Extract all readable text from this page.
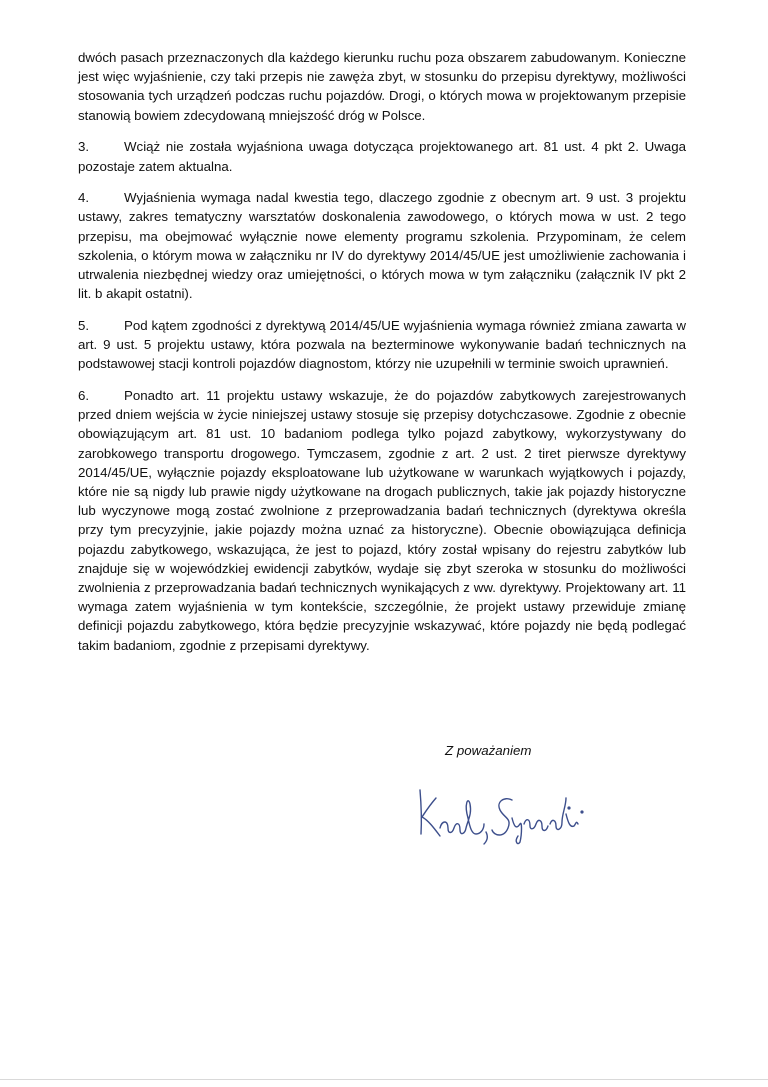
dwóch pasach przeznaczonych dla każdego kierunku ruchu poza obszarem zabudowanym. Konieczne jest więc wyjaśnienie, czy taki przepis nie zawęża zbyt, w stosunku do przepisu dyrektywy, możliwości stosowania tych urządzeń podczas ruchu pojazdów. Drogi, o których mowa w projektowanym przepisie stanowią bowiem zdecydowaną mniejszość dróg w Polsce.

3.	Wciąż nie została wyjaśniona uwaga dotycząca projektowanego art. 81 ust. 4 pkt 2. Uwaga pozostaje zatem aktualna.

4.	Wyjaśnienia wymaga nadal kwestia tego, dlaczego zgodnie z obecnym art. 9 ust. 3 projektu ustawy, zakres tematyczny warsztatów doskonalenia zawodowego, o których mowa w ust. 2 tego przepisu, ma obejmować wyłącznie nowe elementy programu szkolenia. Przypominam, że celem szkolenia, o którym mowa w załączniku nr IV do dyrektywy 2014/45/UE jest umożliwienie zachowania i utrwalenia niezbędnej wiedzy oraz umiejętności, o których mowa w tym załączniku (załącznik IV pkt 2 lit. b akapit ostatni).

5.	Pod kątem zgodności z dyrektywą 2014/45/UE wyjaśnienia wymaga również zmiana zawarta w art. 9 ust. 5 projektu ustawy, która pozwala na bezterminowe wykonywanie badań technicznych na podstawowej stacji kontroli pojazdów diagnostom, którzy nie uzupełnili w terminie swoich uprawnień.

6.	Ponadto art. 11 projektu ustawy wskazuje, że do pojazdów zabytkowych zarejestrowanych przed dniem wejścia w życie niniejszej ustawy stosuje się przepisy dotychczasowe. Zgodnie z obecnie obowiązującym art. 81 ust. 10 badaniom podlega tylko pojazd zabytkowy, wykorzystywany do zarobkowego transportu drogowego. Tymczasem, zgodnie z art. 2 ust. 2 tiret pierwsze dyrektywy 2014/45/UE, wyłącznie pojazdy eksploatowane lub użytkowane w warunkach wyjątkowych i pojazdy, które nie są nigdy lub prawie nigdy użytkowane na drogach publicznych, takie jak pojazdy historyczne lub wyczynowe mogą zostać zwolnione z przeprowadzania badań technicznych (dyrektywa określa przy tym precyzyjnie, jakie pojazdy można uznać za historyczne). Obecnie obowiązująca definicja pojazdu zabytkowego, wskazująca, że jest to pojazd, który został wpisany do rejestru zabytków lub znajduje się w wojewódzkiej ewidencji zabytków, wydaje się zbyt szeroka w stosunku do możliwości zwolnienia z przeprowadzania badań technicznych wynikających z ww. dyrektywy. Projektowany art. 11 wymaga zatem wyjaśnienia w tym kontekście, szczególnie, że projekt ustawy przewiduje zmianę definicji pojazdu zabytkowego, która będzie precyzyjnie wskazywać, które pojazdy nie będą podlegać takim badaniom, zgodnie z przepisami dyrektywy.

Z poważaniem
